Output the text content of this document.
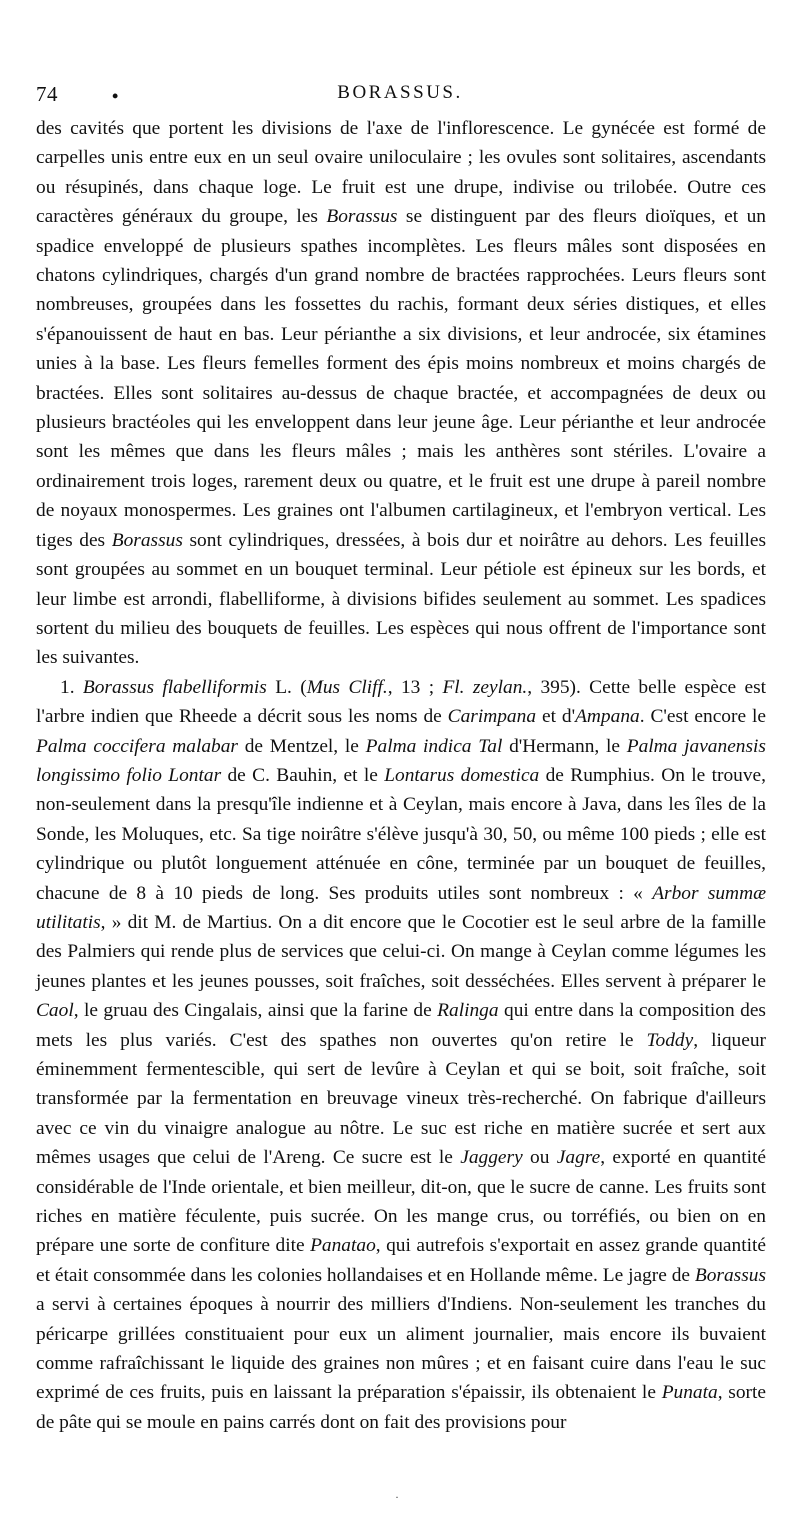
74	•	BORASSUS.

des cavités que portent les divisions de l'axe de l'inflorescence. Le gynécée est formé de carpelles unis entre eux en un seul ovaire uniloculaire ; les ovules sont solitaires, ascendants ou résupinés, dans chaque loge. Le fruit est une drupe, indivise ou trilobée. Outre ces caractères généraux du groupe, les Borassus se distinguent par des fleurs dioïques, et un spadice enveloppé de plusieurs spathes incomplètes. Les fleurs mâles sont disposées en chatons cylindriques, chargés d'un grand nombre de bractées rapprochées. Leurs fleurs sont nombreuses, groupées dans les fossettes du rachis, formant deux séries distiques, et elles s'épanouissent de haut en bas. Leur périanthe a six divisions, et leur androcée, six étamines unies à la base. Les fleurs femelles forment des épis moins nombreux et moins chargés de bractées. Elles sont solitaires au-dessus de chaque bractée, et accompagnées de deux ou plusieurs bractéoles qui les enveloppent dans leur jeune âge. Leur périanthe et leur androcée sont les mêmes que dans les fleurs mâles ; mais les anthères sont stériles. L'ovaire a ordinairement trois loges, rarement deux ou quatre, et le fruit est une drupe à pareil nombre de noyaux monospermes. Les graines ont l'albumen cartilagineux, et l'embryon vertical. Les tiges des Borassus sont cylindriques, dressées, à bois dur et noirâtre au dehors. Les feuilles sont groupées au sommet en un bouquet terminal. Leur pétiole est épineux sur les bords, et leur limbe est arrondi, flabelliforme, à divisions bifides seulement au sommet. Les spadices sortent du milieu des bouquets de feuilles. Les espèces qui nous offrent de l'importance sont les suivantes.

1. Borassus flabelliformis L. (Mus Cliff., 13 ; Fl. zeylan., 395). Cette belle espèce est l'arbre indien que Rheede a décrit sous les noms de Carimpana et d'Ampana. C'est encore le Palma coccifera malabar de Mentzel, le Palma indica Tal d'Hermann, le Palma javanensis longissimo folio Lontar de C. Bauhin, et le Lontarus domestica de Rumphius. On le trouve, non-seulement dans la presqu'île indienne et à Ceylan, mais encore à Java, dans les îles de la Sonde, les Moluques, etc. Sa tige noirâtre s'élève jusqu'à 30, 50, ou même 100 pieds ; elle est cylindrique ou plutôt longuement atténuée en cône, terminée par un bouquet de feuilles, chacune de 8 à 10 pieds de long. Ses produits utiles sont nombreux : « Arbor summæ utilitatis, » dit M. de Martius. On a dit encore que le Cocotier est le seul arbre de la famille des Palmiers qui rende plus de services que celui-ci. On mange à Ceylan comme légumes les jeunes plantes et les jeunes pousses, soit fraîches, soit desséchées. Elles servent à préparer le Caol, le gruau des Cingalais, ainsi que la farine de Ralinga qui entre dans la composition des mets les plus variés. C'est des spathes non ouvertes qu'on retire le Toddy, liqueur éminemment fermentescible, qui sert de levûre à Ceylan et qui se boit, soit fraîche, soit transformée par la fermentation en breuvage vineux très-recherché. On fabrique d'ailleurs avec ce vin du vinaigre analogue au nôtre. Le suc est riche en matière sucrée et sert aux mêmes usages que celui de l'Areng. Ce sucre est le Jaggery ou Jagre, exporté en quantité considérable de l'Inde orientale, et bien meilleur, dit-on, que le sucre de canne. Les fruits sont riches en matière féculente, puis sucrée. On les mange crus, ou torréfiés, ou bien on en prépare une sorte de confiture dite Panatao, qui autrefois s'exportait en assez grande quantité et était consommée dans les colonies hollandaises et en Hollande même. Le jagre de Borassus a servi à certaines époques à nourrir des milliers d'Indiens. Non-seulement les tranches du péricarpe grillées constituaient pour eux un aliment journalier, mais encore ils buvaient comme rafraîchissant le liquide des graines non mûres ; et en faisant cuire dans l'eau le suc exprimé de ces fruits, puis en laissant la préparation s'épaissir, ils obtenaient le Punata, sorte de pâte qui se moule en pains carrés dont on fait des provisions pour

·
